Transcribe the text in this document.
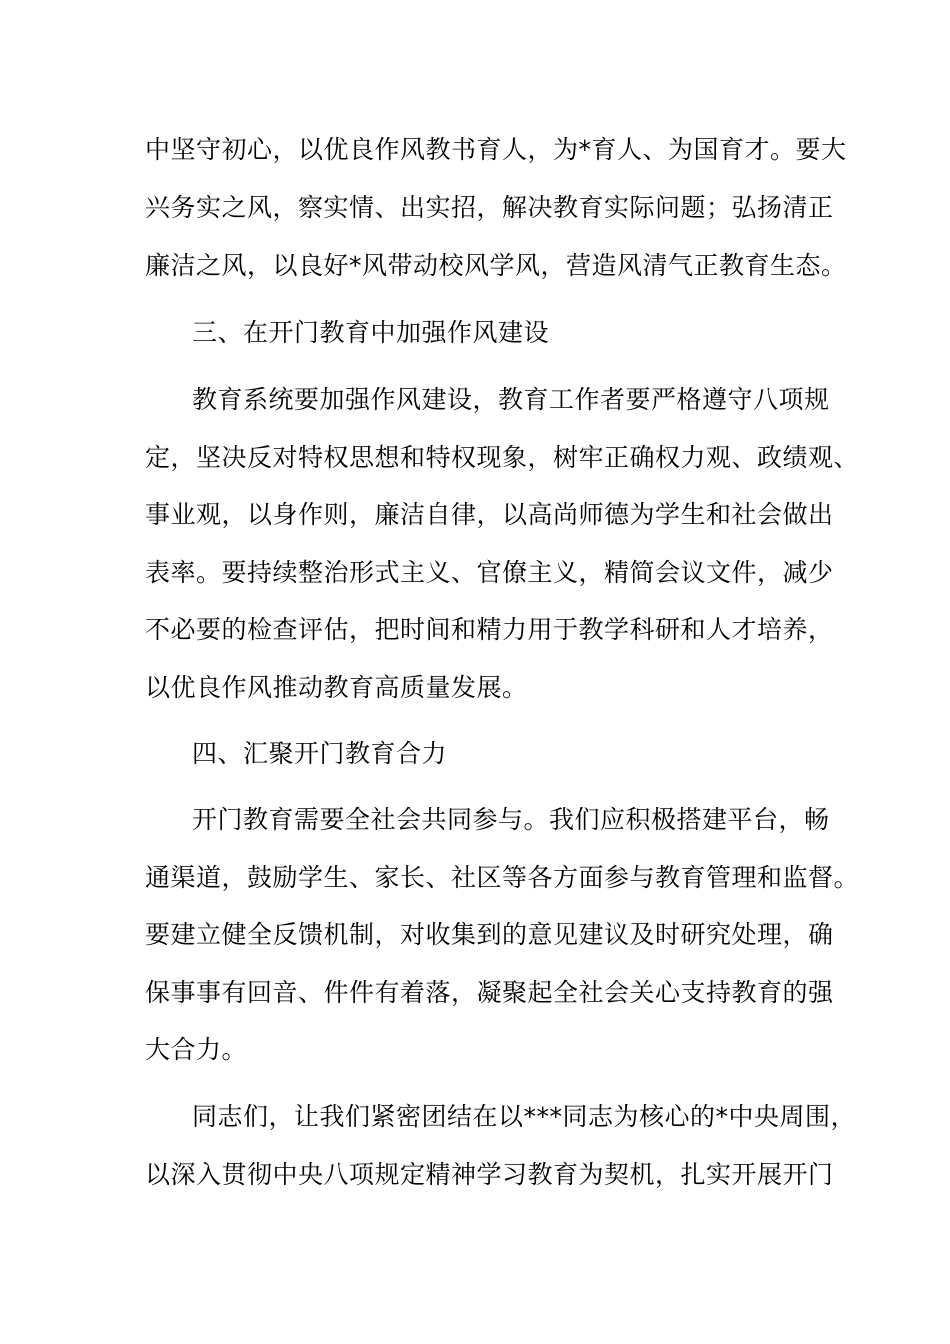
中坚守初心，以优良作风教书育人，为*育人、为国育才。要大
兴务实之风，察实情、出实招，解决教育实际问题；弘扬清正
廉洁之风，以良好*风带动校风学风，营造风清气正教育生态。
三、在开门教育中加强作风建设
教育系统要加强作风建设，教育工作者要严格遵守八项规
定，坚决反对特权思想和特权现象，树牢正确权力观、政绩观、
事业观，以身作则，廉洁自律，以高尚师德为学生和社会做出
表率。要持续整治形式主义、官僚主义，精简会议文件，减少
不必要的检查评估，把时间和精力用于教学科研和人才培养，
以优良作风推动教育高质量发展。
四、汇聚开门教育合力
开门教育需要全社会共同参与。我们应积极搭建平台，畅
通渠道，鼓励学生、家长、社区等各方面参与教育管理和监督。
要建立健全反馈机制，对收集到的意见建议及时研究处理，确
保事事有回音、件件有着落，凝聚起全社会关心支持教育的强
大合力。
同志们，让我们紧密团结在以***同志为核心的*中央周围，
以深入贯彻中央八项规定精神学习教育为契机，扎实开展开门
